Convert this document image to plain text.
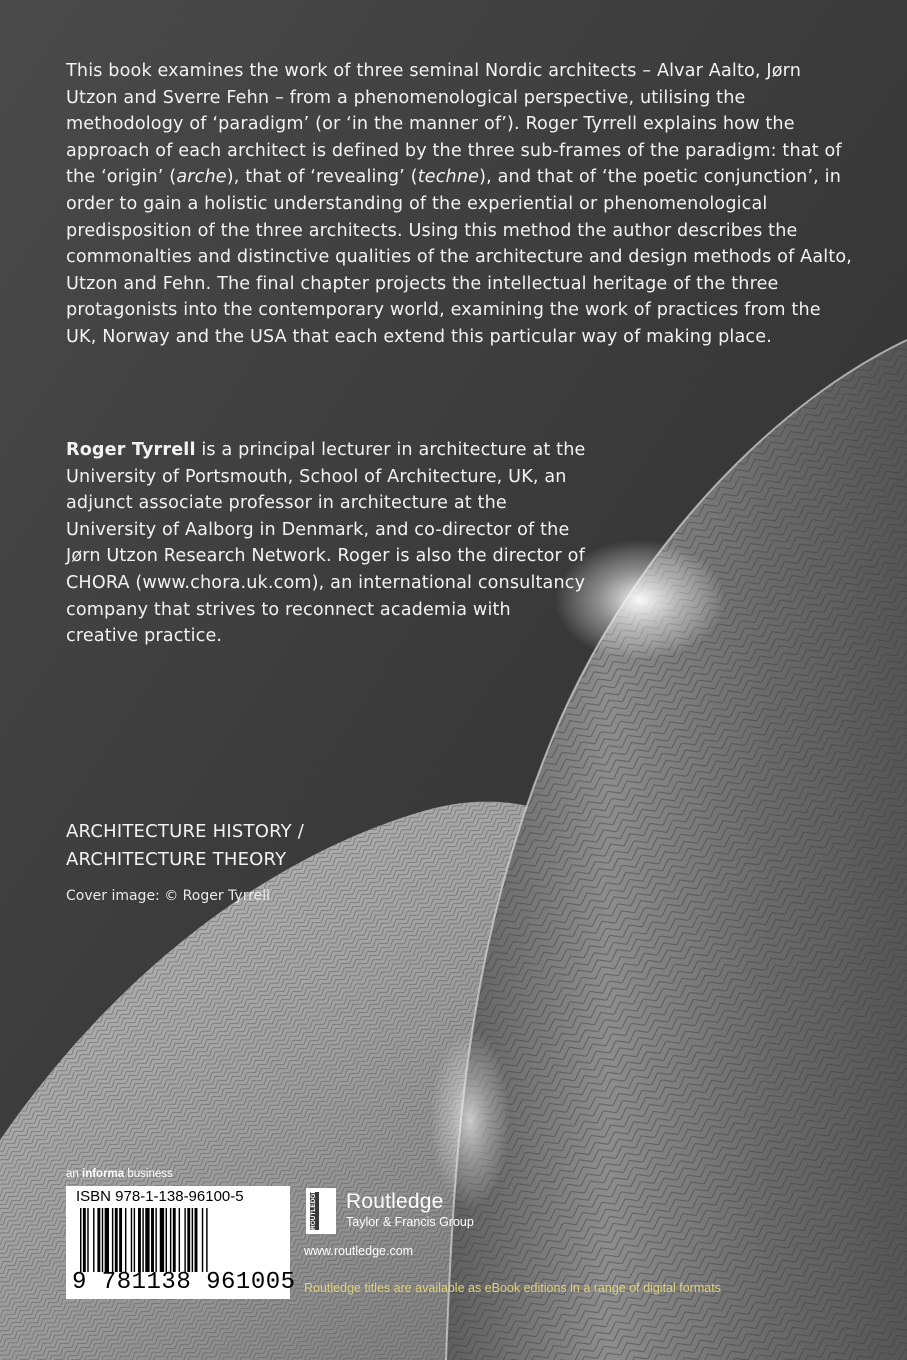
This book examines the work of three seminal Nordic architects – Alvar Aalto, Jørn Utzon and Sverre Fehn – from a phenomenological perspective, utilising the methodology of ‘paradigm’ (or ‘in the manner of’). Roger Tyrrell explains how the approach of each architect is defined by the three sub-frames of the paradigm: that of the ‘origin’ (arche), that of ‘revealing’ (techne), and that of ‘the poetic conjunction’, in order to gain a holistic understanding of the experiential or phenomenological predisposition of the three architects. Using this method the author describes the commonalties and distinctive qualities of the architecture and design methods of Aalto, Utzon and Fehn. The final chapter projects the intellectual heritage of the three protagonists into the contemporary world, examining the work of practices from the UK, Norway and the USA that each extend this particular way of making place.

Roger Tyrrell is a principal lecturer in architecture at the University of Portsmouth, School of Architecture, UK, an adjunct associate professor in architecture at the University of Aalborg in Denmark, and co-director of the Jørn Utzon Research Network. Roger is also the director of CHORA (www.chora.uk.com), an international consultancy company that strives to reconnect academia with creative practice.

ARCHITECTURE HISTORY /
ARCHITECTURE THEORY
Cover image: © Roger Tyrrell
an informa business
ISBN 978-1-138-96100-5
9 781138 961005
ROUTLEDGE Routledge
Taylor & Francis Group
www.routledge.com
Routledge titles are available as eBook editions in a range of digital formats
